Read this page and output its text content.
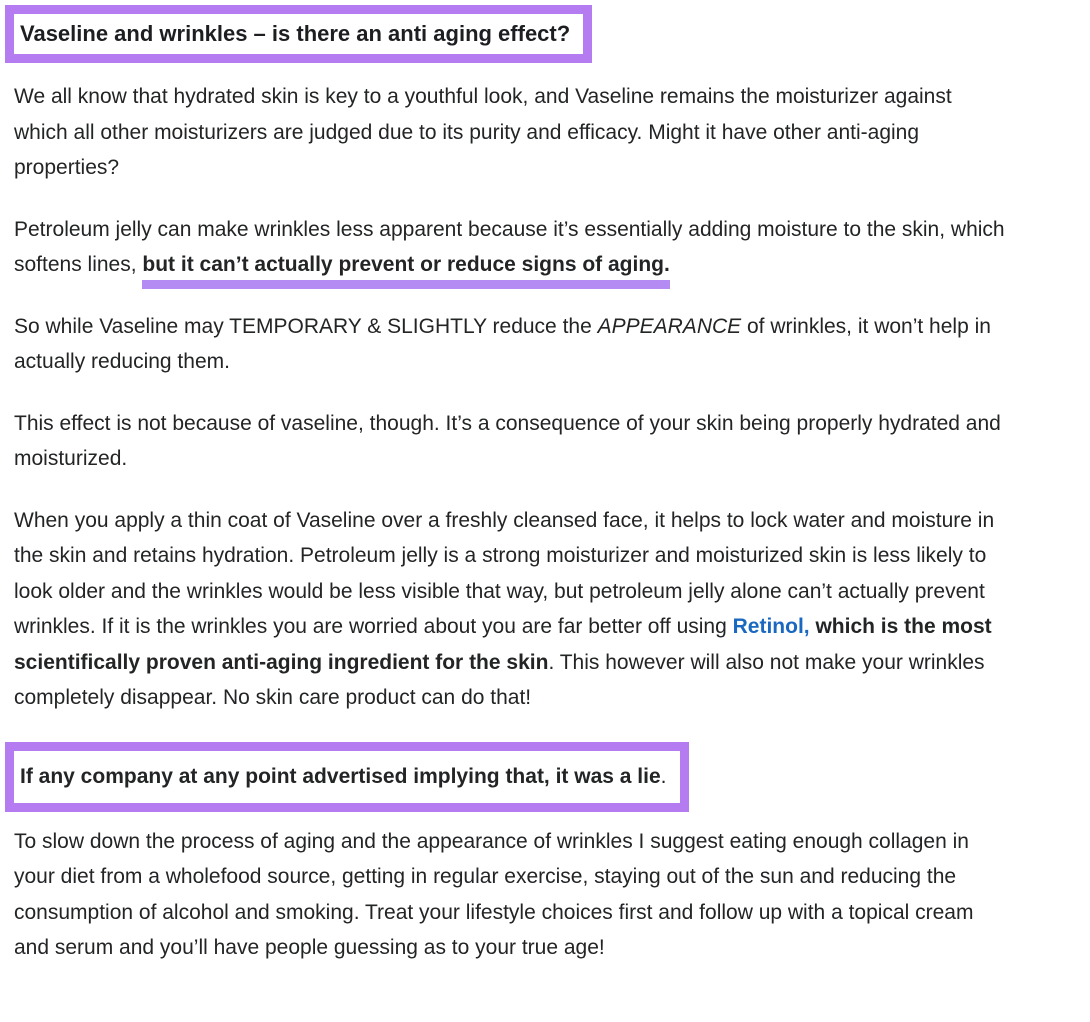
Vaseline and wrinkles – is there an anti aging effect?

We all know that hydrated skin is key to a youthful look, and Vaseline remains the moisturizer against which all other moisturizers are judged due to its purity and efficacy. Might it have other anti-aging properties?

Petroleum jelly can make wrinkles less apparent because it’s essentially adding moisture to the skin, which softens lines, but it can’t actually prevent or reduce signs of aging.

So while Vaseline may TEMPORARY & SLIGHTLY reduce the APPEARANCE of wrinkles, it won’t help in actually reducing them.

This effect is not because of vaseline, though. It’s a consequence of your skin being properly hydrated and moisturized.

When you apply a thin coat of Vaseline over a freshly cleansed face, it helps to lock water and moisture in the skin and retains hydration. Petroleum jelly is a strong moisturizer and moisturized skin is less likely to look older and the wrinkles would be less visible that way, but petroleum jelly alone can’t actually prevent wrinkles. If it is the wrinkles you are worried about you are far better off using Retinol, which is the most scientifically proven anti-aging ingredient for the skin. This however will also not make your wrinkles completely disappear. No skin care product can do that!

If any company at any point advertised implying that, it was a lie.

To slow down the process of aging and the appearance of wrinkles I suggest eating enough collagen in your diet from a wholefood source, getting in regular exercise, staying out of the sun and reducing the consumption of alcohol and smoking. Treat your lifestyle choices first and follow up with a topical cream and serum and you’ll have people guessing as to your true age!
